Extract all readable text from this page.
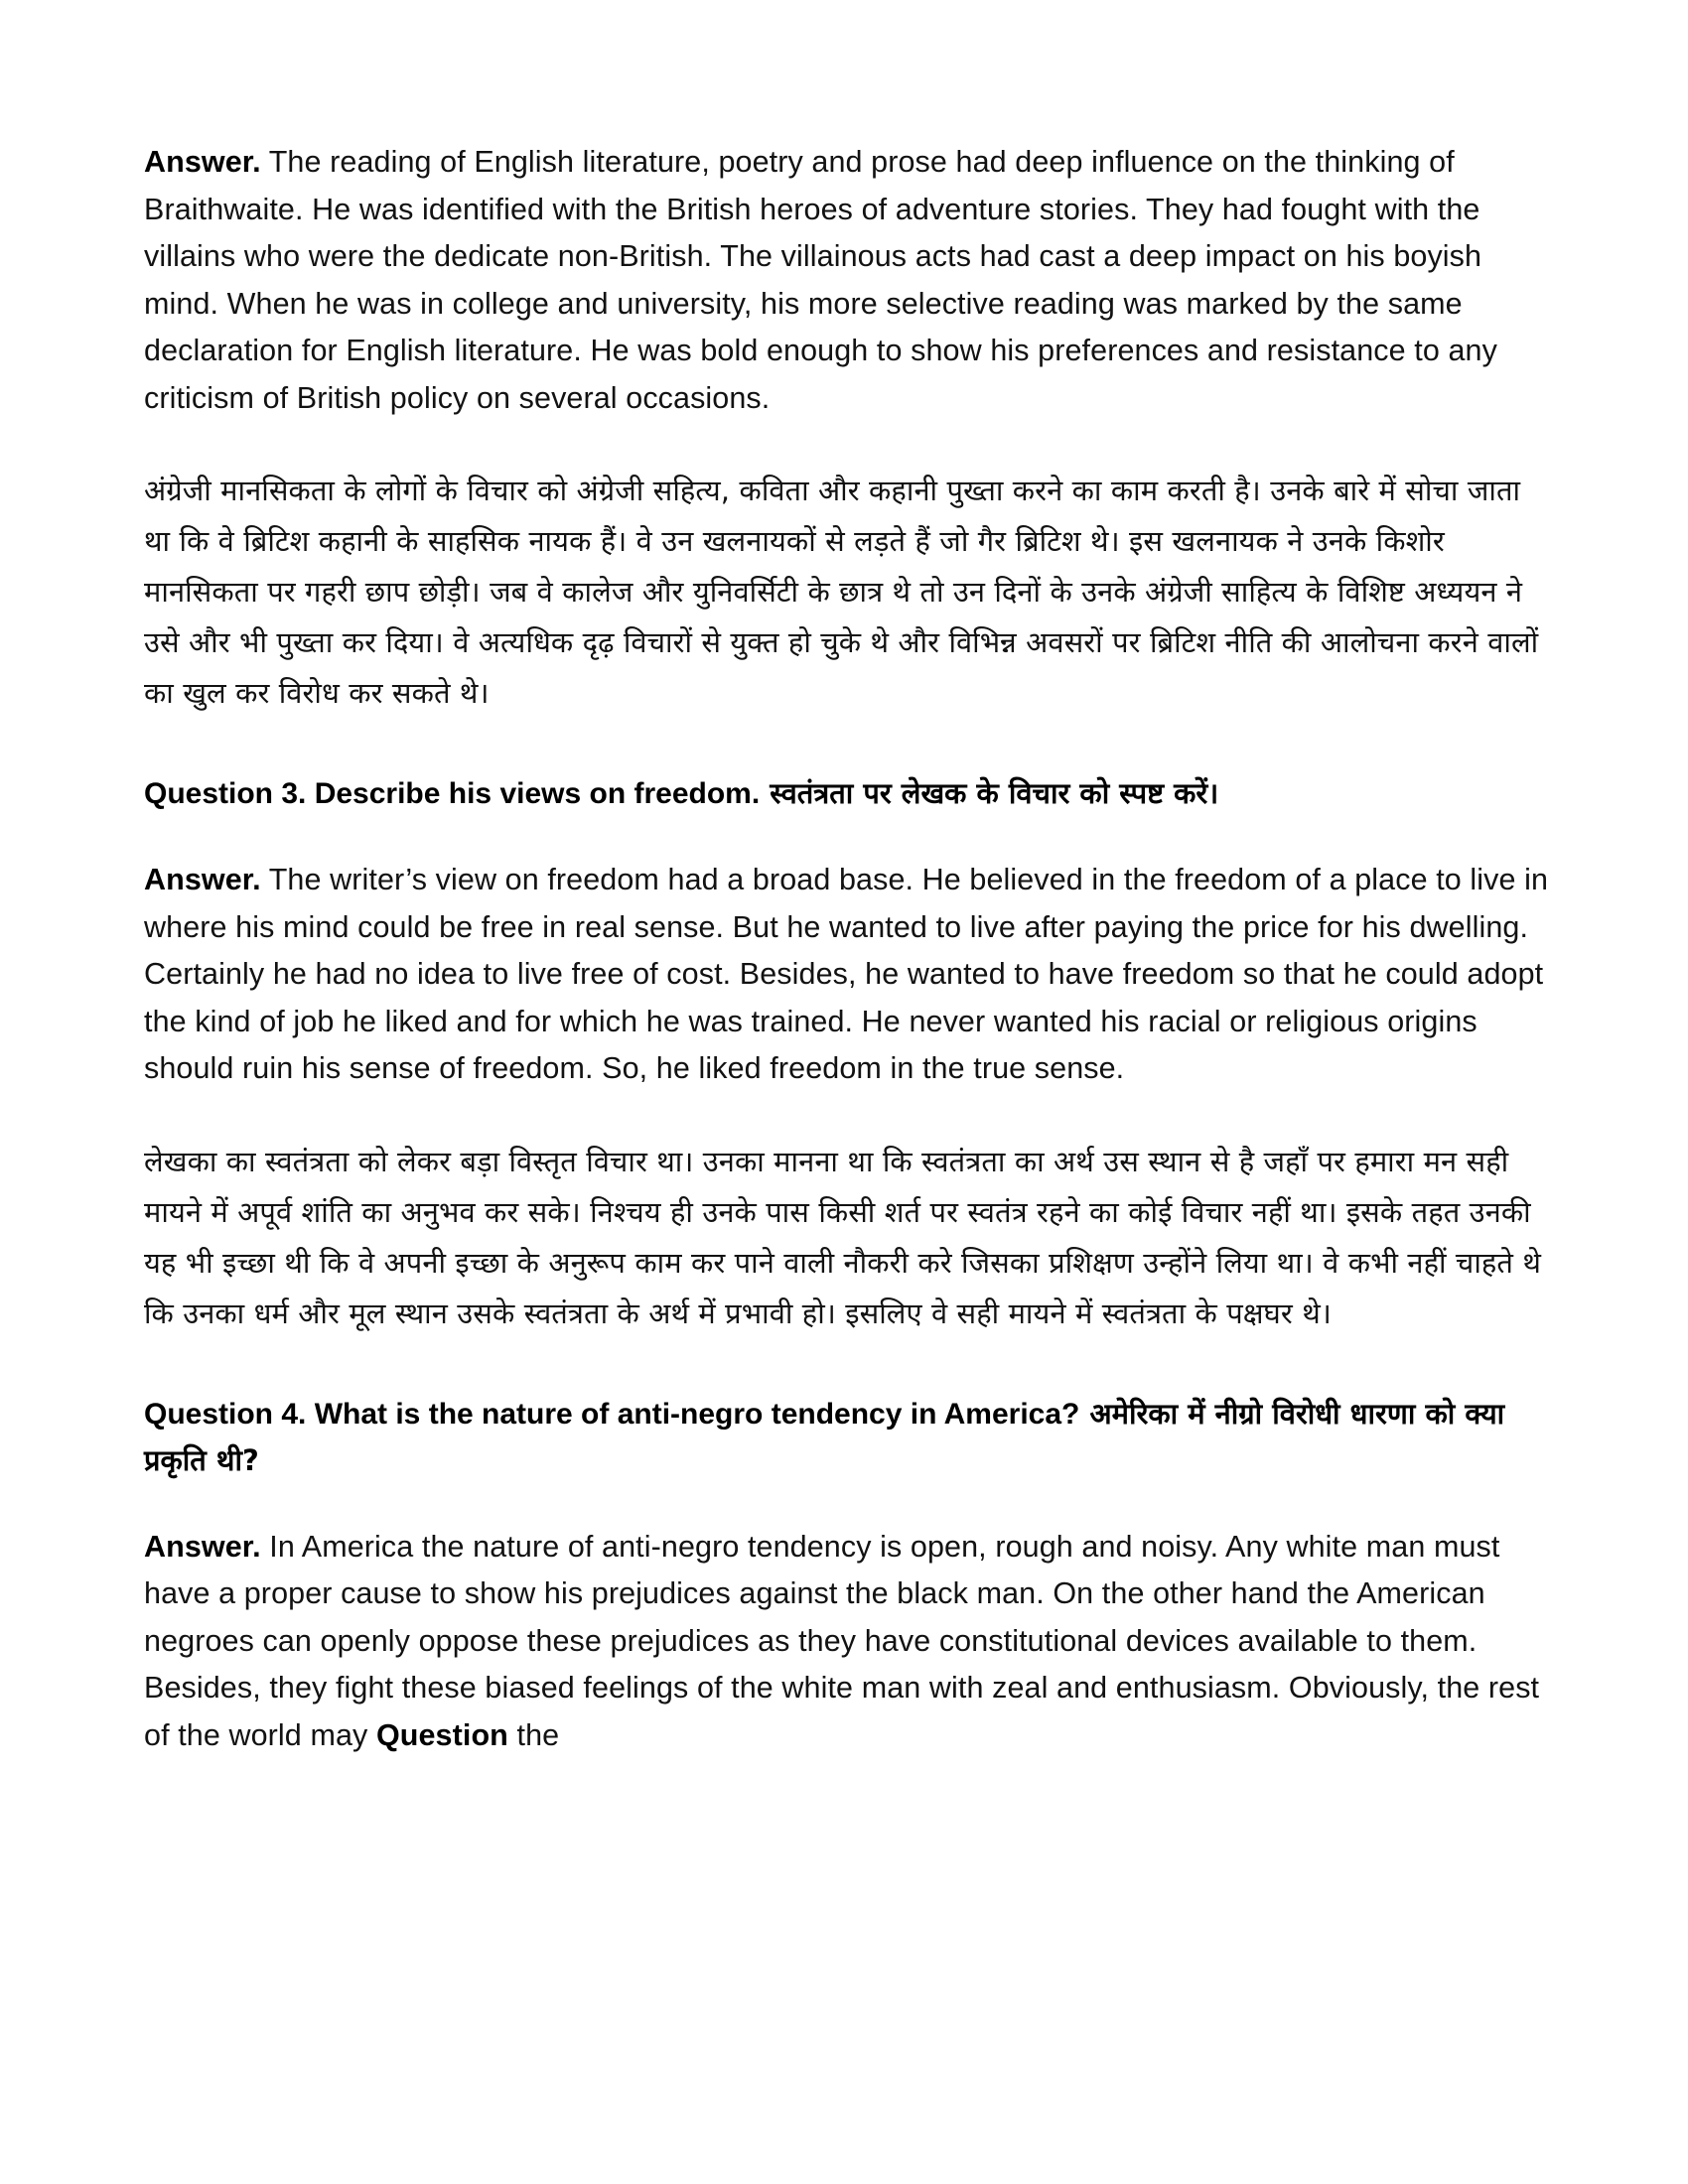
Answer. The reading of English literature, poetry and prose had deep influence on the thinking of Braithwaite. He was identified with the British heroes of adventure stories. They had fought with the villains who were the dedicate non-British. The villainous acts had cast a deep impact on his boyish mind. When he was in college and university, his more selective reading was marked by the same declaration for English literature. He was bold enough to show his preferences and resistance to any criticism of British policy on several occasions.

अंग्रेजी मानसिकता के लोगों के विचार को अंग्रेजी सहित्य, कविता और कहानी पुख्ता करने का काम करती है। उनके बारे में सोचा जाता था कि वे ब्रिटिश कहानी के साहसिक नायक हैं। वे उन खलनायकों से लड़ते हैं जो गैर ब्रिटिश थे। इस खलनायक ने उनके किशोर मानसिकता पर गहरी छाप छोड़ी। जब वे कालेज और युनिवर्सिटी के छात्र थे तो उन दिनों के उनके अंग्रेजी साहित्य के विशिष्ट अध्ययन ने उसे और भी पुख्ता कर दिया। वे अत्यधिक दृढ़ विचारों से युक्त हो चुके थे और विभिन्न अवसरों पर ब्रिटिश नीति की आलोचना करने वालों का खुल कर विरोध कर सकते थे।

Question 3. Describe his views on freedom. स्वतंत्रता पर लेखक के विचार को स्पष्ट करें।

Answer. The writer’s view on freedom had a broad base. He believed in the freedom of a place to live in where his mind could be free in real sense. But he wanted to live after paying the price for his dwelling. Certainly he had no idea to live free of cost. Besides, he wanted to have freedom so that he could adopt the kind of job he liked and for which he was trained. He never wanted his racial or religious origins should ruin his sense of freedom. So, he liked freedom in the true sense.

लेखका का स्वतंत्रता को लेकर बड़ा विस्तृत विचार था। उनका मानना था कि स्वतंत्रता का अर्थ उस स्थान से है जहाँ पर हमारा मन सही मायने में अपूर्व शांति का अनुभव कर सके। निश्चय ही उनके पास किसी शर्त पर स्वतंत्र रहने का कोई विचार नहीं था। इसके तहत उनकी यह भी इच्छा थी कि वे अपनी इच्छा के अनुरूप काम कर पाने वाली नौकरी करे जिसका प्रशिक्षण उन्होंने लिया था। वे कभी नहीं चाहते थे कि उनका धर्म और मूल स्थान उसके स्वतंत्रता के अर्थ में प्रभावी हो। इसलिए वे सही मायने में स्वतंत्रता के पक्षघर थे।

Question 4. What is the nature of anti-negro tendency in America? अमेरिका में नीग्रो विरोधी धारणा को क्या प्रकृति थी?

Answer. In America the nature of anti-negro tendency is open, rough and noisy. Any white man must have a proper cause to show his prejudices against the black man. On the other hand the American negroes can openly oppose these prejudices as they have constitutional devices available to them. Besides, they fight these biased feelings of the white man with zeal and enthusiasm. Obviously, the rest of the world may Question the
